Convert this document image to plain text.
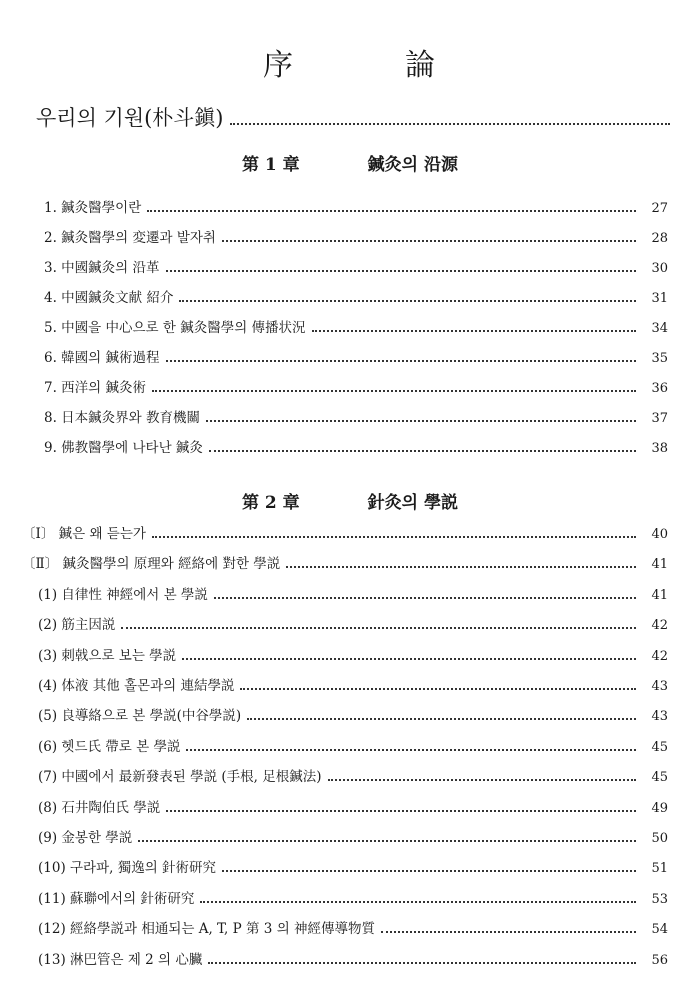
序	論
우리의 기원(朴斗鎭)
第 1 章	鍼灸의 沿源
1. 鍼灸醫學이란	27
2. 鍼灸醫學의 変遷과 발자취	28
3. 中國鍼灸의 沿革	30
4. 中國鍼灸文献 紹介	31
5. 中國을 中心으로 한 鍼灸醫學의 傳播状況	34
6. 韓國의 鍼術過程	35
7. 西洋의 鍼灸術	36
8. 日本鍼灸界와 教育機關	37
9. 佛教醫學에 나타난 鍼灸	38
第 2 章	針灸의 學説
〔Ⅰ〕 鍼은 왜 듣는가	40
〔Ⅱ〕 鍼灸醫學의 原理와 經絡에 對한 學説	41
(1) 自律性 神經에서 본 學説	41
(2) 筋主因説	42
(3) 刺戟으로 보는 學説	42
(4) 体液 其他 홀몬과의 連結學説	43
(5) 良導絡으로 본 學説(中谷學説)	43
(6) 헷드氏 帶로 본 學説	45
(7) 中國에서 最新發表된 學説 (手根, 足根鍼法)	45
(8) 石井陶伯氏 學説	49
(9) 金봉한 學説	50
(10) 구라파, 獨逸의 針術研究	51
(11) 蘇聯에서의 針術研究	53
(12) 經絡學説과 相通되는 A, T, P 第 3 의 神經傳導物質	54
(13) 淋巴管은 제 2 의 心臟	56
